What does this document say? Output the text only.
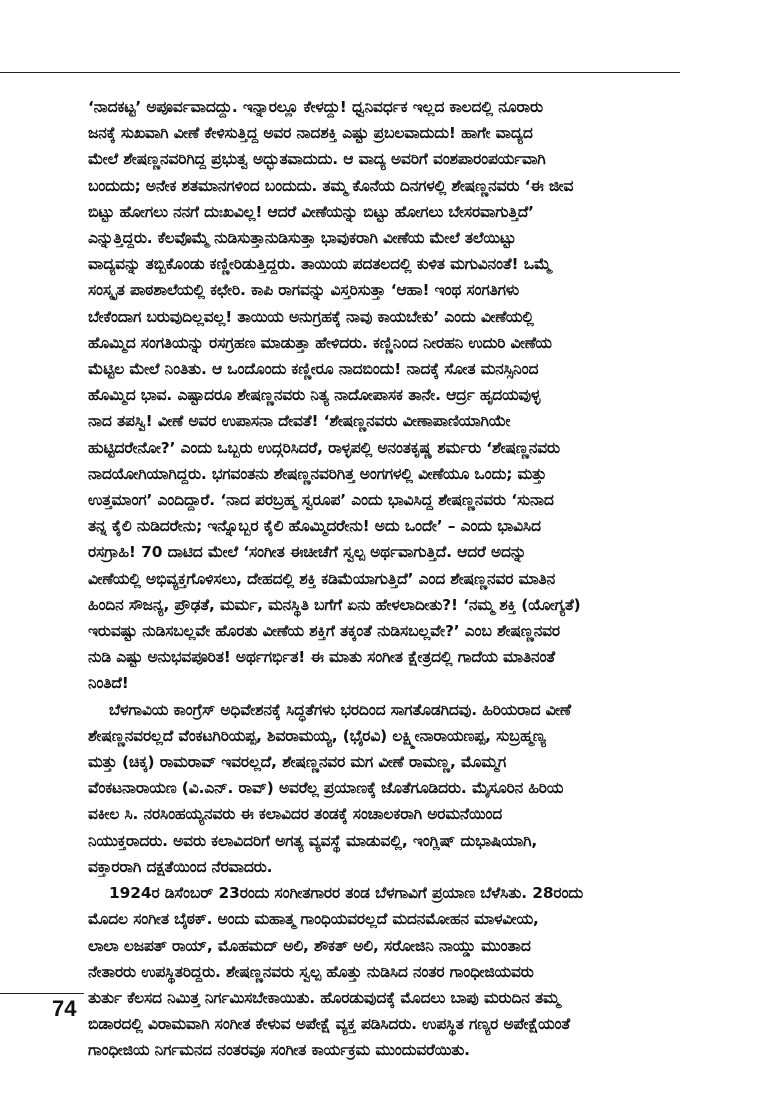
‘ನಾದಕಟ್ಟ’ ಅಪೂರ್ವವಾದದ್ದು. ಇನ್ನಾರಲ್ಲೂ ಕೇಳದ್ದು! ಧ್ವನಿವರ್ಧಕ ಇಲ್ಲದ ಕಾಲದಲ್ಲಿ ನೂರಾರು
ಜನಕ್ಕೆ ಸುಖವಾಗಿ ವೀಣೆ ಕೇಳಿಸುತ್ತಿದ್ದ ಅವರ ನಾದಶಕ್ತಿ ಎಷ್ಟು ಪ್ರಬಲವಾದುದು! ಹಾಗೇ ವಾದ್ಯದ
ಮೇಲೆ ಶೇಷಣ್ಣನವರಿಗಿದ್ದ ಪ್ರಭುತ್ವ ಅದ್ಭುತವಾದುದು. ಆ ವಾದ್ಯ ಅವರಿಗೆ ವಂಶಪಾರಂಪರ್ಯವಾಗಿ
ಬಂದುದು; ಅನೇಕ ಶತಮಾನಗಳಿಂದ ಬಂದುದು. ತಮ್ಮ ಕೊನೆಯ ದಿನಗಳಲ್ಲಿ ಶೇಷಣ್ಣನವರು ‘ಈ ಜೀವ
ಬಿಟ್ಟು ಹೋಗಲು ನನಗೆ ದುಃಖವಿಲ್ಲ! ಆದರೆ ವೀಣೆಯನ್ನು ಬಿಟ್ಟು ಹೋಗಲು ಬೇಸರವಾಗುತ್ತಿದೆ’
ಎನ್ನುತ್ತಿದ್ದರು. ಕೆಲವೊಮ್ಮೆ ನುಡಿಸುತ್ತಾನುಡಿಸುತ್ತಾ ಭಾವುಕರಾಗಿ ವೀಣೆಯ ಮೇಲೆ ತಲೆಯಿಟ್ಟು
ವಾದ್ಯವನ್ನು ತಬ್ಬಿಕೊಂಡು ಕಣ್ಣೀರಿಡುತ್ತಿದ್ದರು. ತಾಯಿಯ ಪದತಲದಲ್ಲಿ ಕುಳಿತ ಮಗುವಿನಂತೆ! ಒಮ್ಮೆ
ಸಂಸ್ಕೃತ ಪಾಠಶಾಲೆಯಲ್ಲಿ ಕಛೇರಿ. ಕಾಪಿ ರಾಗವನ್ನು ವಿಸ್ತರಿಸುತ್ತಾ ‘ಆಹಾ! ಇಂಥ ಸಂಗತಿಗಳು
ಬೇಕೆಂದಾಗ ಬರುವುದಿಲ್ಲವಲ್ಲ! ತಾಯಿಯ ಅನುಗ್ರಹಕ್ಕೆ ನಾವು ಕಾಯಬೇಕು’ ಎಂದು ವೀಣೆಯಲ್ಲಿ
ಹೊಮ್ಮಿದ ಸಂಗತಿಯನ್ನು ರಸಗ್ರಹಣ ಮಾಡುತ್ತಾ ಹೇಳಿದರು. ಕಣ್ಣಿನಿಂದ ನೀರಹನಿ ಉದುರಿ ವೀಣೆಯ
ಮೆಟ್ಟಿಲ ಮೇಲೆ ನಿಂತಿತು. ಆ ಒಂದೊಂದು ಕಣ್ಣೀರೂ ನಾದಬಿಂದು! ನಾದಕ್ಕೆ ಸೋತ ಮನಸ್ಸಿನಿಂದ
ಹೊಮ್ಮಿದ ಭಾವ. ಎಷ್ಟಾದರೂ ಶೇಷಣ್ಣನವರು ನಿತ್ಯ ನಾದೋಪಾಸಕ ತಾನೇ. ಆರ್ದ್ರ ಹೃದಯವುಳ್ಳ
ನಾದ ತಪಸ್ವಿ! ವೀಣೆ ಅವರ ಉಪಾಸನಾ ದೇವತೆ! ‘ಶೇಷಣ್ಣನವರು ವೀಣಾಪಾಣಿಯಾಗಿಯೇ
ಹುಟ್ಟಿದರೇನೋ?’ ಎಂದು ಒಬ್ಬರು ಉದ್ಗರಿಸಿದರೆ, ರಾಳ್ಳಪಲ್ಲಿ ಅನಂತಕೃಷ್ಣ ಶರ್ಮರು ‘ಶೇಷಣ್ಣನವರು
ನಾದಯೋಗಿಯಾಗಿದ್ದರು. ಭಗವಂತನು ಶೇಷಣ್ಣನವರಿಗಿತ್ತ ಅಂಗಗಳಲ್ಲಿ ವೀಣೆಯೂ ಒಂದು; ಮತ್ತು
ಉತ್ತಮಾಂಗ’ ಎಂದಿದ್ದಾರೆ. ‘ನಾದ ಪರಬ್ರಹ್ಮ ಸ್ವರೂಪ’ ಎಂದು ಭಾವಿಸಿದ್ದ ಶೇಷಣ್ಣನವರು ‘ಸುನಾದ
ತನ್ನ ಕೈಲಿ ನುಡಿದರೇನು; ಇನ್ನೊಬ್ಬರ ಕೈಲಿ ಹೊಮ್ಮಿದರೇನು! ಅದು ಒಂದೇ’ – ಎಂದು ಭಾವಿಸಿದ
ರಸಗ್ರಾಹಿ! 70 ದಾಟಿದ ಮೇಲೆ ‘ಸಂಗೀತ ಈಚೀಚೆಗೆ ಸ್ವಲ್ಪ ಅರ್ಥವಾಗುತ್ತಿದೆ. ಆದರೆ ಅದನ್ನು
ವೀಣೆಯಲ್ಲಿ ಅಭಿವ್ಯಕ್ತಗೊಳಿಸಲು, ದೇಹದಲ್ಲಿ ಶಕ್ತಿ ಕಡಿಮೆಯಾಗುತ್ತಿದೆ’ ಎಂದ ಶೇಷಣ್ಣನವರ ಮಾತಿನ
ಹಿಂದಿನ ಸೌಜನ್ಯ, ಪ್ರೌಢತೆ, ಮರ್ಮ, ಮನಸ್ಥಿತಿ ಬಗೆಗೆ ಏನು ಹೇಳಲಾದೀತು?! ‘ನಮ್ಮ ಶಕ್ತಿ (ಯೋಗ್ಯತೆ)
ಇರುವಷ್ಟು ನುಡಿಸಬಲ್ಲವೇ ಹೊರತು ವೀಣೆಯ ಶಕ್ತಿಗೆ ತಕ್ಕಂತೆ ನುಡಿಸಬಲ್ಲವೇ?’ ಎಂಬ ಶೇಷಣ್ಣನವರ
ನುಡಿ ಎಷ್ಟು ಅನುಭವಪೂರಿತ! ಅರ್ಥಗರ್ಭಿತ! ಈ ಮಾತು ಸಂಗೀತ ಕ್ಷೇತ್ರದಲ್ಲಿ ಗಾದೆಯ ಮಾತಿನಂತೆ
ನಿಂತಿದೆ!
ಬೆಳಗಾವಿಯ ಕಾಂಗ್ರೆಸ್ ಅಧಿವೇಶನಕ್ಕೆ ಸಿದ್ಧತೆಗಳು ಭರದಿಂದ ಸಾಗತೊಡಗಿದವು. ಹಿರಿಯರಾದ ವೀಣೆ
ಶೇಷಣ್ಣನವರಲ್ಲದೆ ವೆಂಕಟಗಿರಿಯಪ್ಪ, ಶಿವರಾಮಯ್ಯ, (ಭೈರವಿ) ಲಕ್ಷ್ಮೀನಾರಾಯಣಪ್ಪ, ಸುಬ್ರಹ್ಮಣ್ಯ
ಮತ್ತು (ಚಿಕ್ಕ) ರಾಮರಾವ್ ಇವರಲ್ಲದೆ, ಶೇಷಣ್ಣನವರ ಮಗ ವೀಣೆ ರಾಮಣ್ಣ, ಮೊಮ್ಮಗ
ವೆಂಕಟನಾರಾಯಣ (ವಿ.ಎನ್. ರಾವ್) ಅವರೆಲ್ಲ ಪ್ರಯಾಣಕ್ಕೆ ಜೊತೆಗೂಡಿದರು. ಮೈಸೂರಿನ ಹಿರಿಯ
ವಕೀಲ ಸಿ. ನರಸಿಂಹಯ್ಯನವರು ಈ ಕಲಾವಿದರ ತಂಡಕ್ಕೆ ಸಂಚಾಲಕರಾಗಿ ಅರಮನೆಯಿಂದ
ನಿಯುಕ್ತರಾದರು. ಅವರು ಕಲಾವಿದರಿಗೆ ಅಗತ್ಯ ವ್ಯವಸ್ಥೆ ಮಾಡುವಲ್ಲಿ, ಇಂಗ್ಲಿಷ್ ದುಭಾಷಿಯಾಗಿ,
ವಕ್ತಾರರಾಗಿ ದಕ್ಷತೆಯಿಂದ ನೆರವಾದರು.
1924ರ ಡಿಸೆಂಬರ್ 23ರಂದು ಸಂಗೀತಗಾರರ ತಂಡ ಬೆಳಗಾವಿಗೆ ಪ್ರಯಾಣ ಬೆಳೆಸಿತು. 28ರಂದು
ಮೊದಲ ಸಂಗೀತ ಬೈಠಕ್. ಅಂದು ಮಹಾತ್ಮ ಗಾಂಧಿಯವರಲ್ಲದೆ ಮದನಮೋಹನ ಮಾಳವೀಯ,
ಲಾಲಾ ಲಜಪತ್ ರಾಯ್, ಮೊಹಮದ್ ಅಲಿ, ಶೌಕತ್ ಅಲಿ, ಸರೋಜಿನಿ ನಾಯ್ಡು ಮುಂತಾದ
ನೇತಾರರು ಉಪಸ್ಥಿತರಿದ್ದರು. ಶೇಷಣ್ಣನವರು ಸ್ವಲ್ಪ ಹೊತ್ತು ನುಡಿಸಿದ ನಂತರ ಗಾಂಧೀಜಿಯವರು
ತುರ್ತು ಕೆಲಸದ ನಿಮಿತ್ತ ನಿರ್ಗಮಿಸಬೇಕಾಯಿತು. ಹೊರಡುವುದಕ್ಕೆ ಮೊದಲು ಬಾಪು ಮರುದಿನ ತಮ್ಮ
ಬಿಡಾರದಲ್ಲಿ ವಿರಾಮವಾಗಿ ಸಂಗೀತ ಕೇಳುವ ಅಪೇಕ್ಷೆ ವ್ಯಕ್ತ ಪಡಿಸಿದರು. ಉಪಸ್ಥಿತ ಗಣ್ಯರ ಅಪೇಕ್ಷೆಯಂತೆ
ಗಾಂಧೀಜಿಯ ನಿರ್ಗಮನದ ನಂತರವೂ ಸಂಗೀತ ಕಾರ್ಯಕ್ರಮ ಮುಂದುವರೆಯಿತು.
74
